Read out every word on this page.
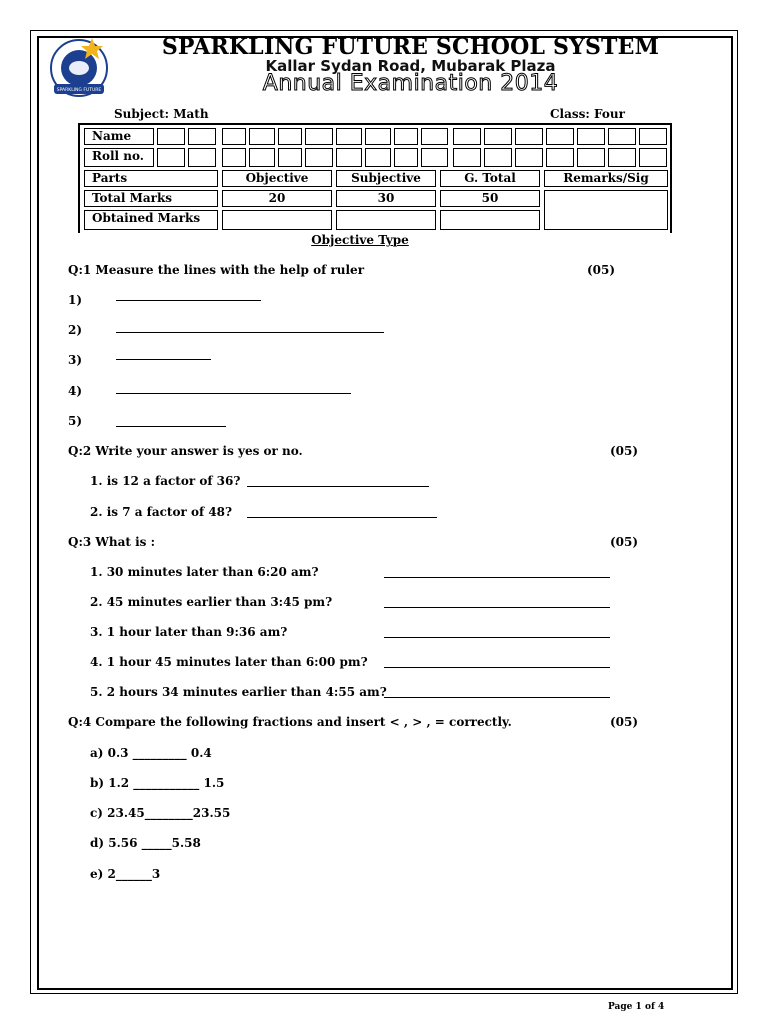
SPARKLING FUTURE
SPARKLING FUTURE SCHOOL SYSTEM
Kallar Sydan Road, Mubarak Plaza
Annual Examination 2014
Subject: Math	Class: Four
Name
Roll no.
Parts	Objective	Subjective	G. Total	Remarks/Sig
Total Marks	20	30	50
Obtained Marks
Objective Type
Q:1 Measure the lines with the help of ruler	(05)
1)
2)
3)
4)
5)
Q:2 Write your answer is yes or no.	(05)
1. is 12 a factor of 36?
2. is 7 a factor of 48?
Q:3 What is :	(05)
1. 30 minutes later than 6:20 am?
2. 45 minutes earlier than 3:45 pm?
3. 1 hour later than 9:36 am?
4. 1 hour 45 minutes later than 6:00 pm?
5. 2 hours 34 minutes earlier than 4:55 am?
Q:4 Compare the following fractions and insert < , > , = correctly.	(05)
a) 0.3 _________ 0.4
b) 1.2 ___________ 1.5
c) 23.45________23.55
d) 5.56 _____5.58
e) 2______3
Page 1 of 4
